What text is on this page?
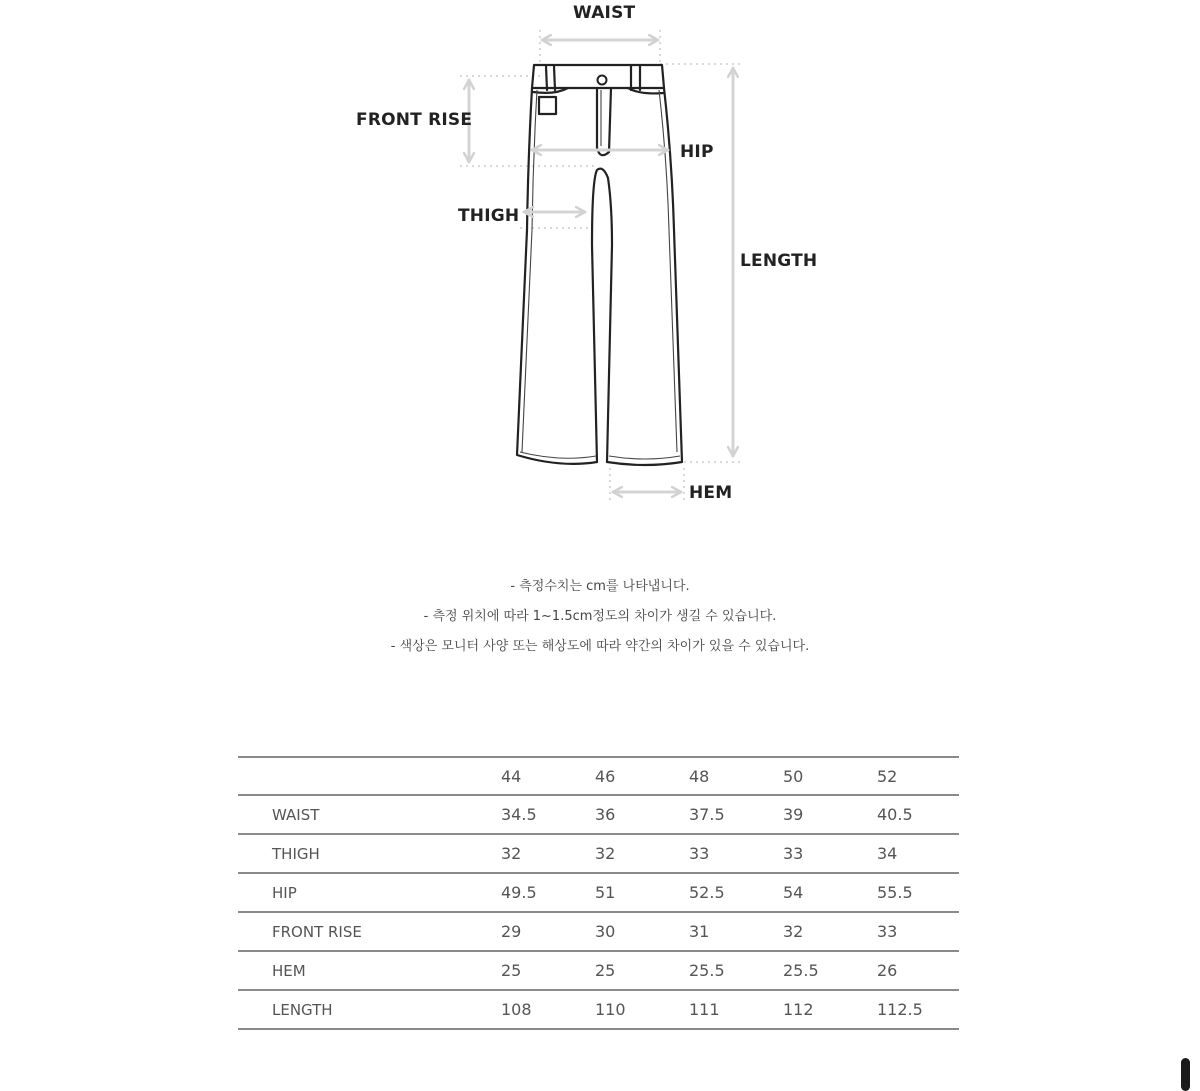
WAIST
FRONT RISE
HIP
THIGH
LENGTH
HEM
- 측정수치는 cm를 나타냅니다.
- 측정 위치에 따라 1~1.5cm정도의 차이가 생길 수 있습니다.
- 색상은 모니터 사양 또는 해상도에 따라 약간의 차이가 있을 수 있습니다.
	44	46	48	50	52
WAIST	34.5	36	37.5	39	40.5
THIGH	32	32	33	33	34
HIP	49.5	51	52.5	54	55.5
FRONT RISE	29	30	31	32	33
HEM	25	25	25.5	25.5	26
LENGTH	108	110	111	112	112.5
